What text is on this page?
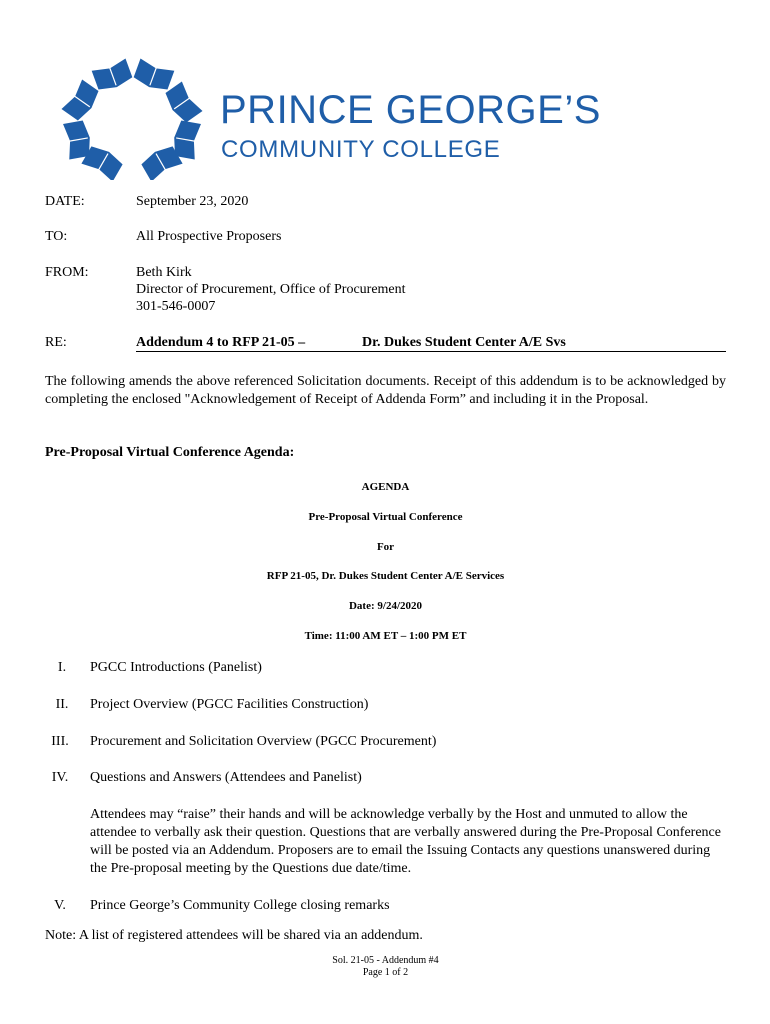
PRINCE GEORGE’S
COMMUNITY COLLEGE
DATE:	September 23, 2020
TO:	All Prospective Proposers
FROM:	Beth Kirk
Director of Procurement, Office of Procurement
301-546-0007
RE:	Addendum 4 to RFP 21-05 –	Dr. Dukes Student Center A/E Svs
The following amends the above referenced Solicitation documents. Receipt of this addendum is to be acknowledged by completing the enclosed "Acknowledgement of Receipt of Addenda Form” and including it in the Proposal.
Pre-Proposal Virtual Conference Agenda:
AGENDA
Pre-Proposal Virtual Conference
For
RFP 21-05, Dr. Dukes Student Center A/E Services
Date: 9/24/2020
Time: 11:00 AM ET – 1:00 PM ET
I.	PGCC Introductions (Panelist)
II.	Project Overview (PGCC Facilities Construction)
III.	Procurement and Solicitation Overview (PGCC Procurement)
IV.	Questions and Answers (Attendees and Panelist)
Attendees may “raise” their hands and will be acknowledge verbally by the Host and unmuted to allow the attendee to verbally ask their question. Questions that are verbally answered during the Pre-Proposal Conference will be posted via an Addendum. Proposers are to email the Issuing Contacts any questions unanswered during the Pre-proposal meeting by the Questions due date/time.
V.	Prince George’s Community College closing remarks
Note: A list of registered attendees will be shared via an addendum.
Sol. 21-05 - Addendum #4
Page 1 of 2
